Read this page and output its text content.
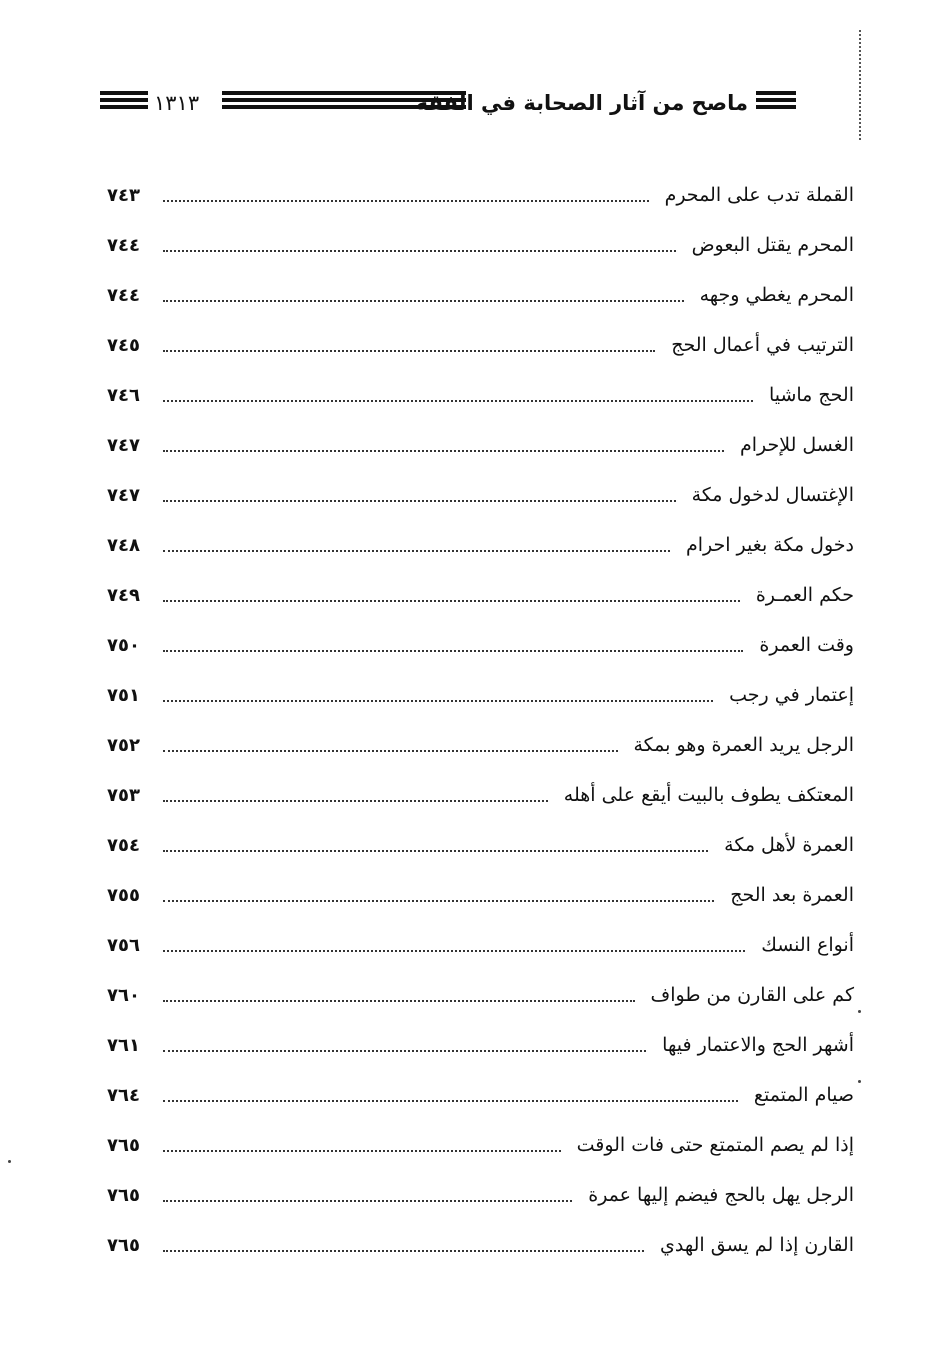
ماصح من آثار الصحابة في الفقه
١٣١٣
القملة تدب على المحرم
٧٤٣
المحرم يقتل البعوض
٧٤٤
المحرم يغطي وجهه
٧٤٤
الترتيب في أعمال الحج
٧٤٥
الحج ماشيا
٧٤٦
الغسل للإحرام
٧٤٧
الإغتسال لدخول مكة
٧٤٧
دخول مكة بغير احرام
٧٤٨
حكم العمـرة
٧٤٩
وقت العمرة
٧٥٠
إعتمار في رجب
٧٥١
الرجل يريد العمرة وهو بمكة
٧٥٢
المعتكف يطوف بالبيت أيقع على أهله
٧٥٣
العمرة لأهل مكة
٧٥٤
العمرة بعد الحج
٧٥٥
أنواع النسك
٧٥٦
كم على القارن من طواف
٧٦٠
أشهر الحج والاعتمار فيها
٧٦١
صيام المتمتع
٧٦٤
إذا لم يصم المتمتع حتى فات الوقت
٧٦٥
الرجل يهل بالحج فيضم إليها عمرة
٧٦٥
القارن إذا لم يسق الهدي
٧٦٥
